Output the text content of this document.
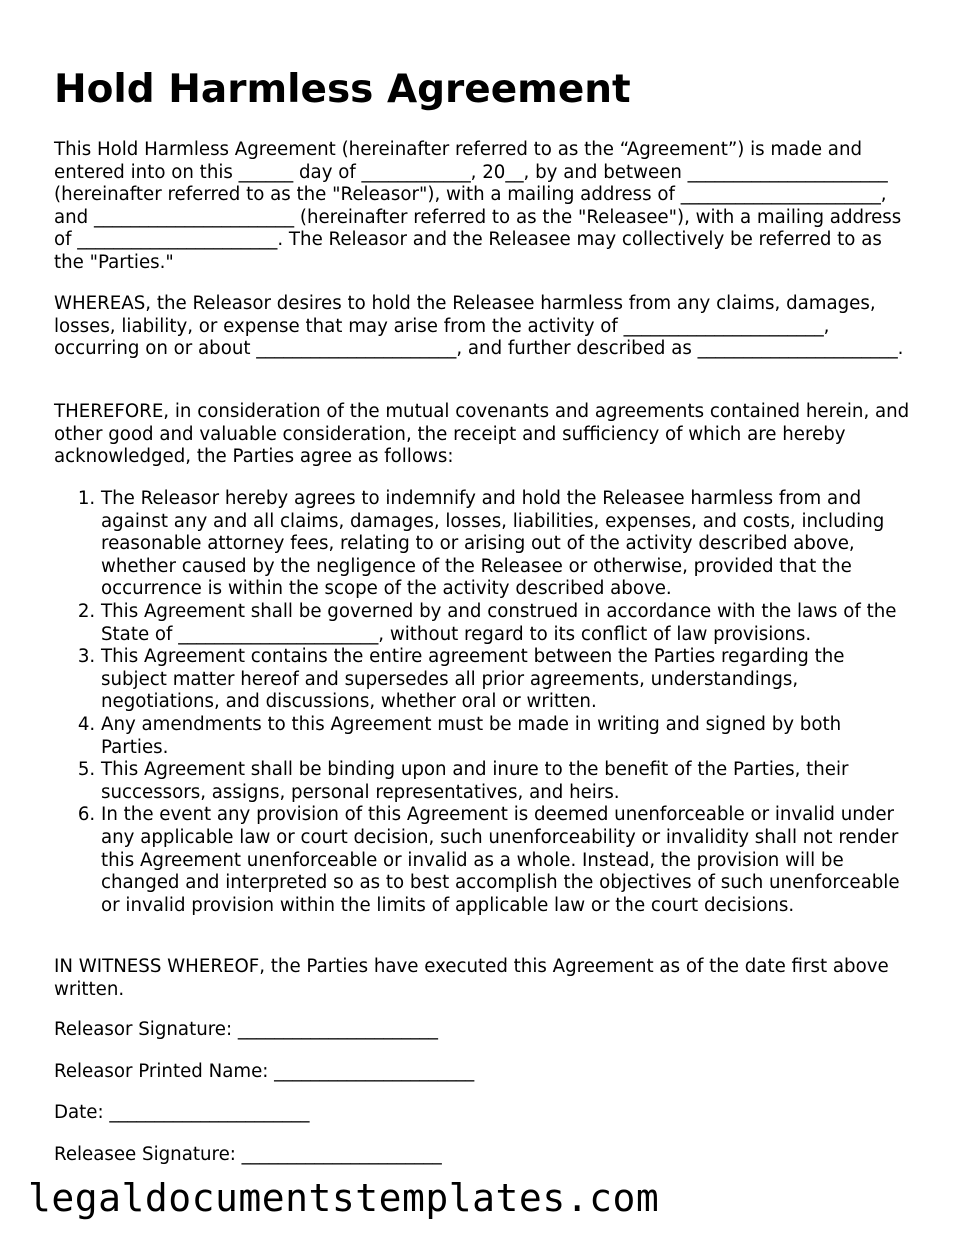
Hold Harmless Agreement

This Hold Harmless Agreement (hereinafter referred to as the “Agreement”) is made and entered into on this ______ day of ____________, 20__, by and between ______________________ (hereinafter referred to as the "Releasor"), with a mailing address of ______________________, and ______________________ (hereinafter referred to as the "Releasee"), with a mailing address of ______________________. The Releasor and the Releasee may collectively be referred to as the "Parties."

WHEREAS, the Releasor desires to hold the Releasee harmless from any claims, damages, losses, liability, or expense that may arise from the activity of ______________________, occurring on or about ______________________, and further described as ______________________.

THEREFORE, in consideration of the mutual covenants and agreements contained herein, and other good and valuable consideration, the receipt and sufficiency of which are hereby acknowledged, the Parties agree as follows:

1. The Releasor hereby agrees to indemnify and hold the Releasee harmless from and against any and all claims, damages, losses, liabilities, expenses, and costs, including reasonable attorney fees, relating to or arising out of the activity described above, whether caused by the negligence of the Releasee or otherwise, provided that the occurrence is within the scope of the activity described above.
2. This Agreement shall be governed by and construed in accordance with the laws of the State of ______________________, without regard to its conflict of law provisions.
3. This Agreement contains the entire agreement between the Parties regarding the subject matter hereof and supersedes all prior agreements, understandings, negotiations, and discussions, whether oral or written.
4. Any amendments to this Agreement must be made in writing and signed by both Parties.
5. This Agreement shall be binding upon and inure to the benefit of the Parties, their successors, assigns, personal representatives, and heirs.
6. In the event any provision of this Agreement is deemed unenforceable or invalid under any applicable law or court decision, such unenforceability or invalidity shall not render this Agreement unenforceable or invalid as a whole. Instead, the provision will be changed and interpreted so as to best accomplish the objectives of such unenforceable or invalid provision within the limits of applicable law or the court decisions.

IN WITNESS WHEREOF, the Parties have executed this Agreement as of the date first above written.

Releasor Signature: ______________________

Releasor Printed Name: ______________________

Date: ______________________

Releasee Signature: ______________________

legaldocumentstemplates.com
